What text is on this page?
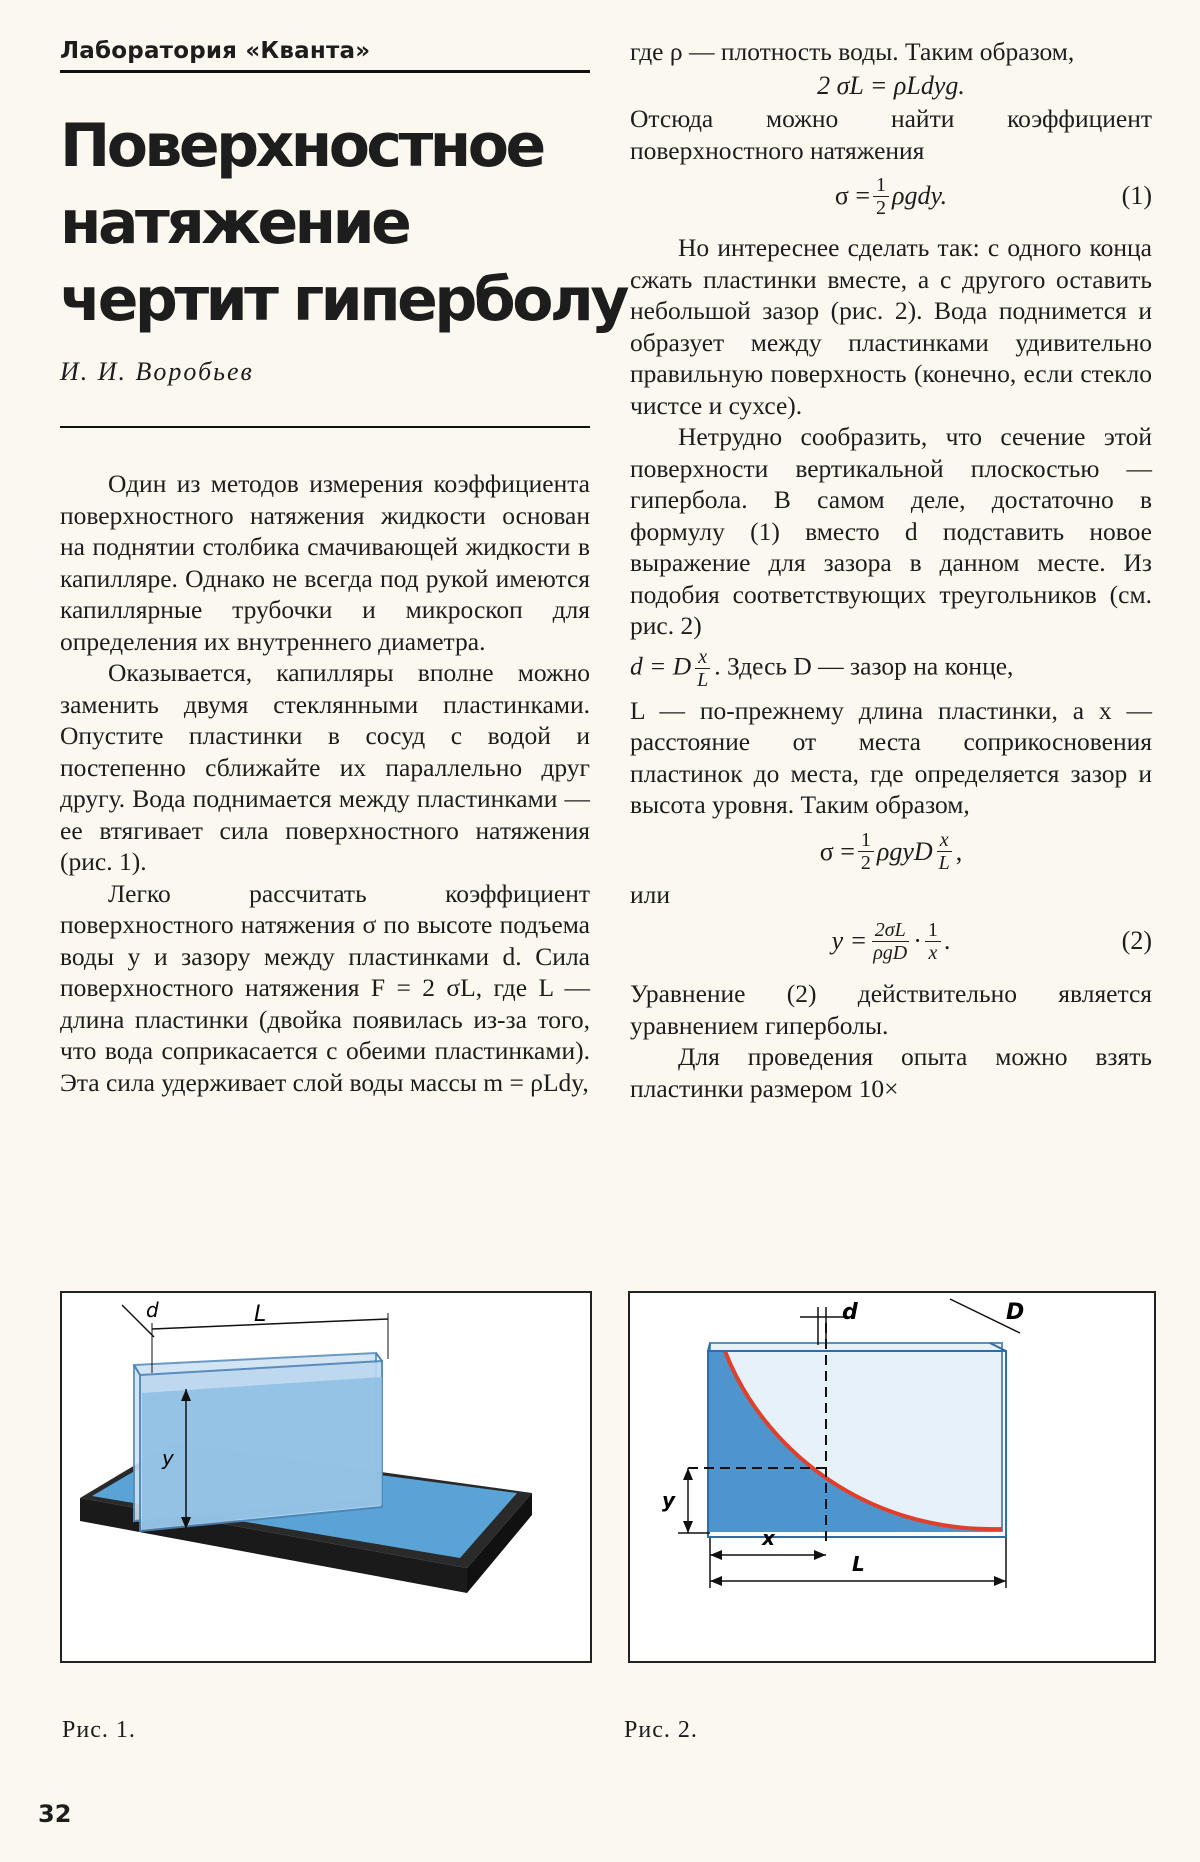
Лаборатория «Кванта»
Поверхностное
натяжение
чертит гиперболу
И. И. Воробьев

Один из методов измерения коэффициента поверхностного натяжения жидкости основан на поднятии столбика смачивающей жидкости в капилляре. Однако не всегда под рукой имеются капиллярные трубочки и микроскоп для определения их внутреннего диаметра.

Оказывается, капилляры вполне можно заменить двумя стеклянными пластинками. Опустите пластинки в сосуд с водой и постепенно сближайте их параллельно друг другу. Вода поднимается между пластинками — ее втягивает сила поверхностного натяжения (рис. 1).

Легко рассчитать коэффициент поверхностного натяжения σ по высоте подъема воды y и зазору между пластинками d. Сила поверхностного натяжения F = 2 σL, где L — длина пластинки (двойка появилась из-за того, что вода соприкасается с обеими пластинками). Эта сила удерживает слой воды массы m = ρLdy,

где ρ — плотность воды. Таким образом,

2 σL = ρLdyg.

Отсюда можно найти коэффициент поверхностного натяжения

$\sigma = \frac{1}{2} \rho gdy$.	(1)

Но интереснее сделать так: с одного конца сжать пластинки вместе, а с другого оставить небольшой зазор (рис. 2). Вода поднимется и образует между пластинками удивительно правильную поверхность (конечно, если стекло чистсе и сухсе).

Нетрудно сообразить, что сечение этой поверхности вертикальной плоскостью — гипербола. В самом деле, достаточно в формулу (1) вместо d подставить новое выражение для зазора в данном месте. Из подобия соответствующих треугольников (см. рис. 2)

d = D $\frac{x}{L}$ . Здесь D — зазор на конце,

L — по-прежнему длина пластинки, а x — расстояние от места соприкосновения пластинок до места, где определяется зазор и высота уровня. Таким образом,

$\sigma = \frac{1}{2}$ ρgyD $\frac{x}{L}$ ,

или

$y = \frac{2\sigma L}{\text{ρgD}} \cdot \frac{1}{x}$ .	(2)

Уравнение (2) действительно является уравнением гиперболы.

Для проведения опыта можно взять пластинки размером 10×

L
d
y
d	D
y
x
L
Рис. 1.	Рис. 2.
32
